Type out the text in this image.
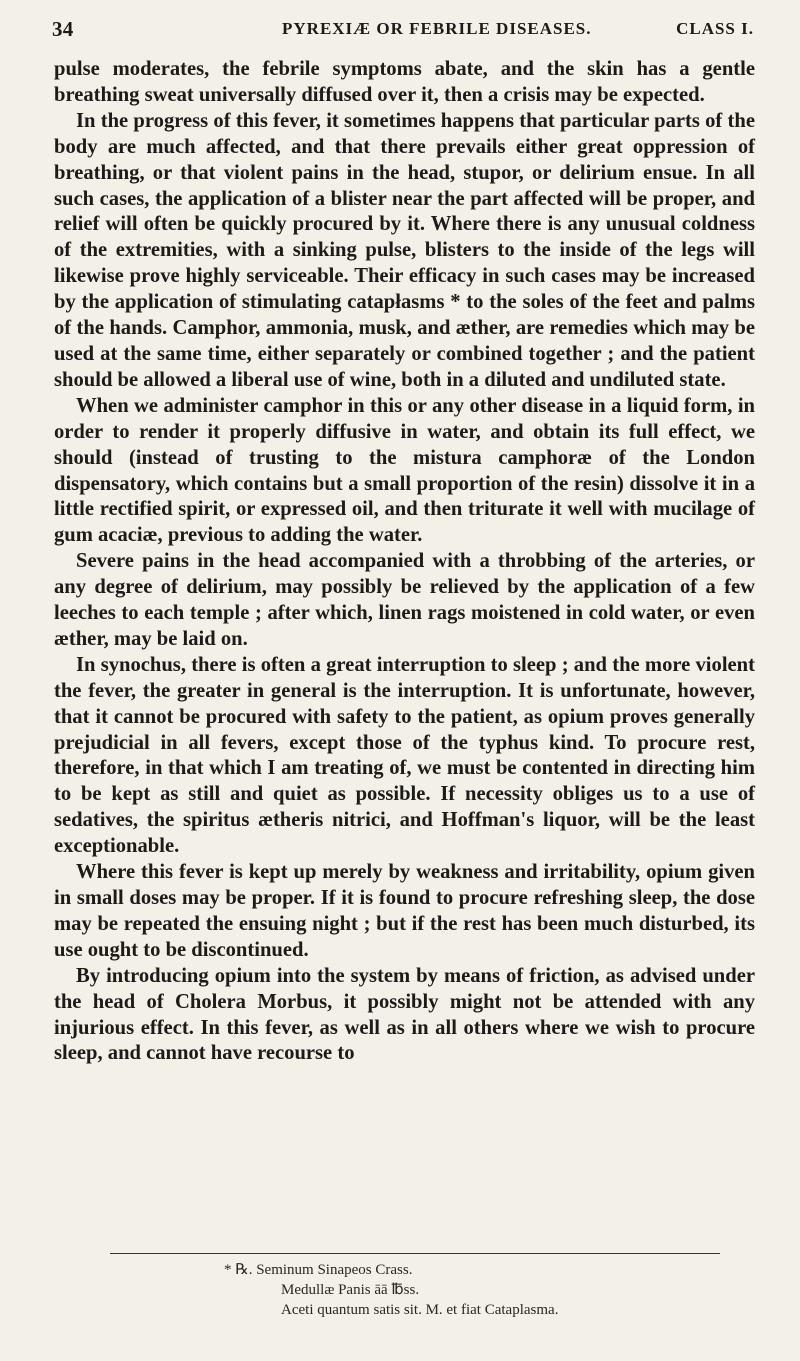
34	PYREXIÆ OR FEBRILE DISEASES.	CLASS I.

pulse moderates, the febrile symptoms abate, and the skin has a gentle breathing sweat universally diffused over it, then a crisis may be expected.

In the progress of this fever, it sometimes happens that particular parts of the body are much affected, and that there prevails either great oppression of breathing, or that violent pains in the head, stupor, or delirium ensue. In all such cases, the application of a blister near the part affected will be proper, and relief will often be quickly procured by it. Where there is any unusual coldness of the extremities, with a sinking pulse, blisters to the inside of the legs will likewise prove highly serviceable. Their efficacy in such cases may be increased by the application of stimulating catapłasms * to the soles of the feet and palms of the hands. Camphor, ammonia, musk, and æther, are remedies which may be used at the same time, either separately or combined together ; and the patient should be allowed a liberal use of wine, both in a diluted and undiluted state.

When we administer camphor in this or any other disease in a liquid form, in order to render it properly diffusive in water, and obtain its full effect, we should (instead of trusting to the mistura camphoræ of the London dispensatory, which contains but a small proportion of the resin) dissolve it in a little rectified spirit, or expressed oil, and then triturate it well with mucilage of gum acaciæ, previous to adding the water.

Severe pains in the head accompanied with a throbbing of the arteries, or any degree of delirium, may possibly be relieved by the application of a few leeches to each temple ; after which, linen rags moistened in cold water, or even æther, may be laid on.

In synochus, there is often a great interruption to sleep ; and the more violent the fever, the greater in general is the interruption. It is unfortunate, however, that it cannot be procured with safety to the patient, as opium proves generally prejudicial in all fevers, except those of the typhus kind. To procure rest, therefore, in that which I am treating of, we must be contented in directing him to be kept as still and quiet as possible. If necessity obliges us to a use of sedatives, the spiritus ætheris nitrici, and Hoffman's liquor, will be the least exceptionable.

Where this fever is kept up merely by weakness and irritability, opium given in small doses may be proper. If it is found to procure refreshing sleep, the dose may be repeated the ensuing night ; but if the rest has been much disturbed, its use ought to be discontinued.

By introducing opium into the system by means of friction, as advised under the head of Cholera Morbus, it possibly might not be attended with any injurious effect. In this fever, as well as in all others where we wish to procure sleep, and cannot have recourse to

* ℞. Seminum Sinapeos Crass.
Medullæ Panis āā ℔ss.
Aceti quantum satis sit. M. et fiat Cataplasma.
